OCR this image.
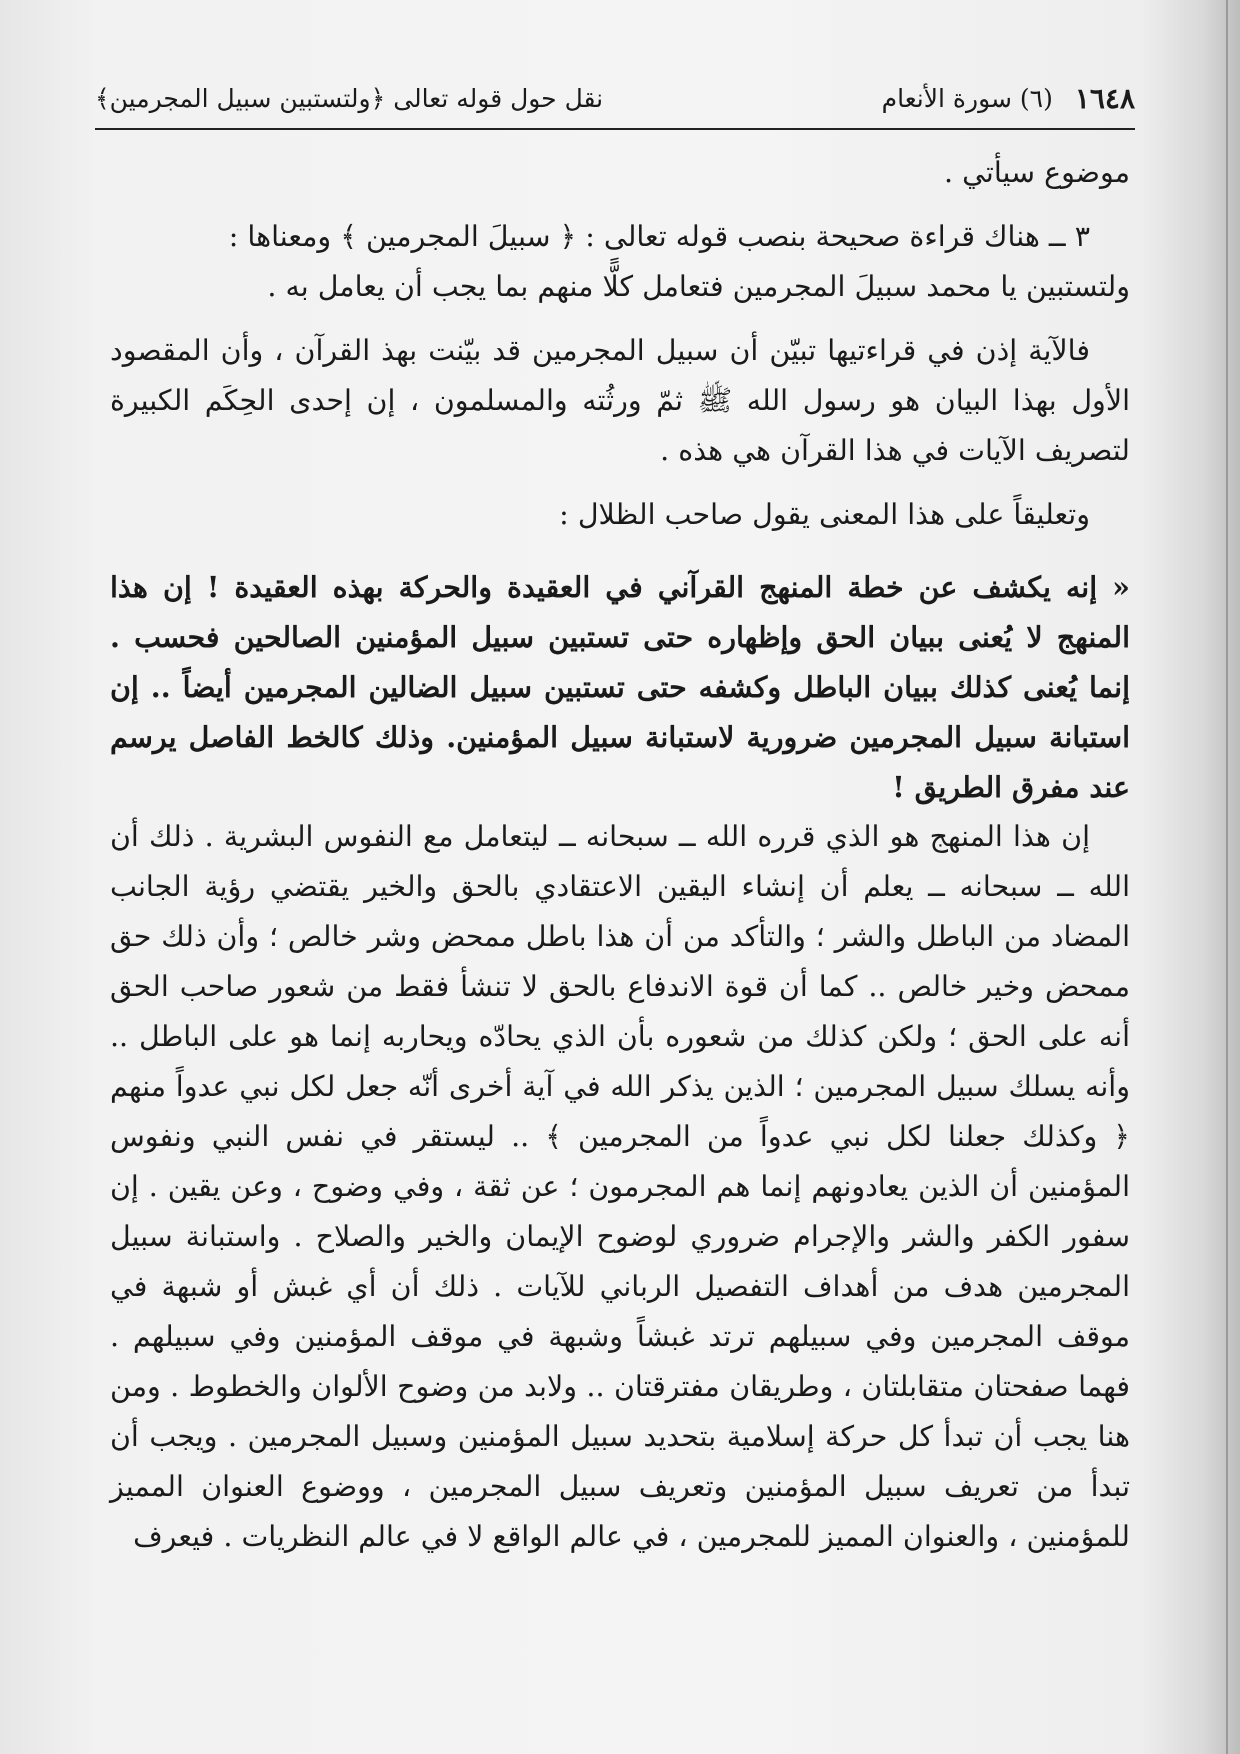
١٦٤٨
(٦) سورة الأنعام
نقل حول قوله تعالى ﴿ولتستبين سبيل المجرمين﴾

موضوع سيأتي .

٣ ــ هناك قراءة صحيحة بنصب قوله تعالى : ﴿ سبيلَ المجرمين ﴾ ومعناها :

ولتستبين يا محمد سبيلَ المجرمين فتعامل كلًّا منهم بما يجب أن يعامل به .

فالآية إذن في قراءتيها تبيّن أن سبيل المجرمين قد بيّنت بهذ القرآن ، وأن المقصود الأول بهذا البيان هو رسول الله ﷺ ثمّ ورثُته والمسلمون ، إن إحدى الحِكَم الكبيرة لتصريف الآيات في هذا القرآن هي هذه .

وتعليقاً على هذا المعنى يقول صاحب الظلال :

« إنه يكشف عن خطة المنهج القرآني في العقيدة والحركة بهذه العقيدة ! إن هذا المنهج لا يُعنى ببيان الحق وإظهاره حتى تستبين سبيل المؤمنين الصالحين فحسب . إنما يُعنى كذلك ببيان الباطل وكشفه حتى تستبين سبيل الضالين المجرمين أيضاً .. إن استبانة سبيل المجرمين ضرورية لاستبانة سبيل المؤمنين. وذلك كالخط الفاصل يرسم عند مفرق الطريق !

إن هذا المنهج هو الذي قرره الله ــ سبحانه ــ ليتعامل مع النفوس البشرية . ذلك أن الله ــ سبحانه ــ يعلم أن إنشاء اليقين الاعتقادي بالحق والخير يقتضي رؤية الجانب المضاد من الباطل والشر ؛ والتأكد من أن هذا باطل ممحض وشر خالص ؛ وأن ذلك حق ممحض وخير خالص .. كما أن قوة الاندفاع بالحق لا تنشأ فقط من شعور صاحب الحق أنه على الحق ؛ ولكن كذلك من شعوره بأن الذي يحادّه ويحاربه إنما هو على الباطل .. وأنه يسلك سبيل المجرمين ؛ الذين يذكر الله في آية أخرى أنّه جعل لكل نبي عدواً منهم ﴿ وكذلك جعلنا لكل نبي عدواً من المجرمين ﴾ .. ليستقر في نفس النبي ونفوس المؤمنين أن الذين يعادونهم إنما هم المجرمون ؛ عن ثقة ، وفي وضوح ، وعن يقين . إن سفور الكفر والشر والإجرام ضروري لوضوح الإيمان والخير والصلاح . واستبانة سبيل المجرمين هدف من أهداف التفصيل الرباني للآيات . ذلك أن أي غبش أو شبهة في موقف المجرمين وفي سبيلهم ترتد غبشاً وشبهة في موقف المؤمنين وفي سبيلهم . فهما صفحتان متقابلتان ، وطريقان مفترقتان .. ولابد من وضوح الألوان والخطوط . ومن هنا يجب أن تبدأ كل حركة إسلامية بتحديد سبيل المؤمنين وسبيل المجرمين . ويجب أن تبدأ من تعريف سبيل المؤمنين وتعريف سبيل المجرمين ، ووضوع العنوان المميز للمؤمنين ، والعنوان المميز للمجرمين ، في عالم الواقع لا في عالم النظريات . فيعرف
